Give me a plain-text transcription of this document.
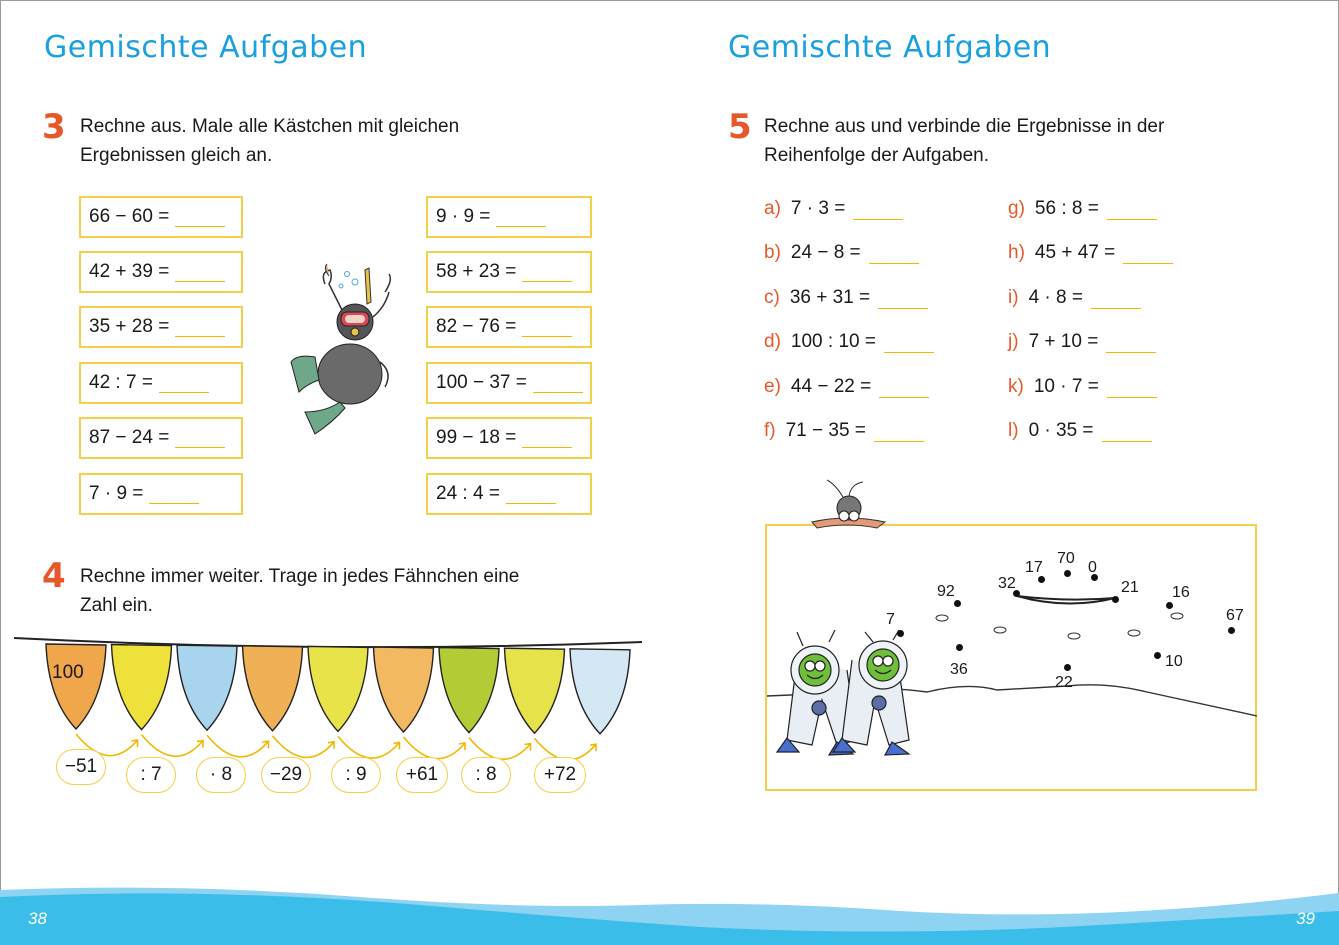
Gemischte Aufgaben
3 Rechne aus. Male alle Kästchen mit gleichen
Ergebnissen gleich an.
66 − 60 =
42 + 39 =
35 + 28 =
42 : 7 =
87 − 24 =
7 · 9 =
9 · 9 =
58 + 23 =
82 − 76 =
100 − 37 =
99 − 18 =
24 : 4 =
4 Rechne immer weiter. Trage in jedes Fähnchen eine
Zahl ein.
100
−51	: 7	· 8	−29	: 9	+61	: 8	+72
Gemischte Aufgaben
5 Rechne aus und verbinde die Ergebnisse in der
Reihenfolge der Aufgaben.
a) 7 · 3 =
b) 24 − 8 =
c) 36 + 31 =
d) 100 : 10 =
e) 44 − 22 =
f) 71 − 35 =
g) 56 : 8 =
h) 45 + 47 =
i) 4 · 8 =
j) 7 + 10 =
k) 10 · 7 =
l) 0 · 35 =
92	32
17
70
0
21 16
67
7
36
22
10
38	39
